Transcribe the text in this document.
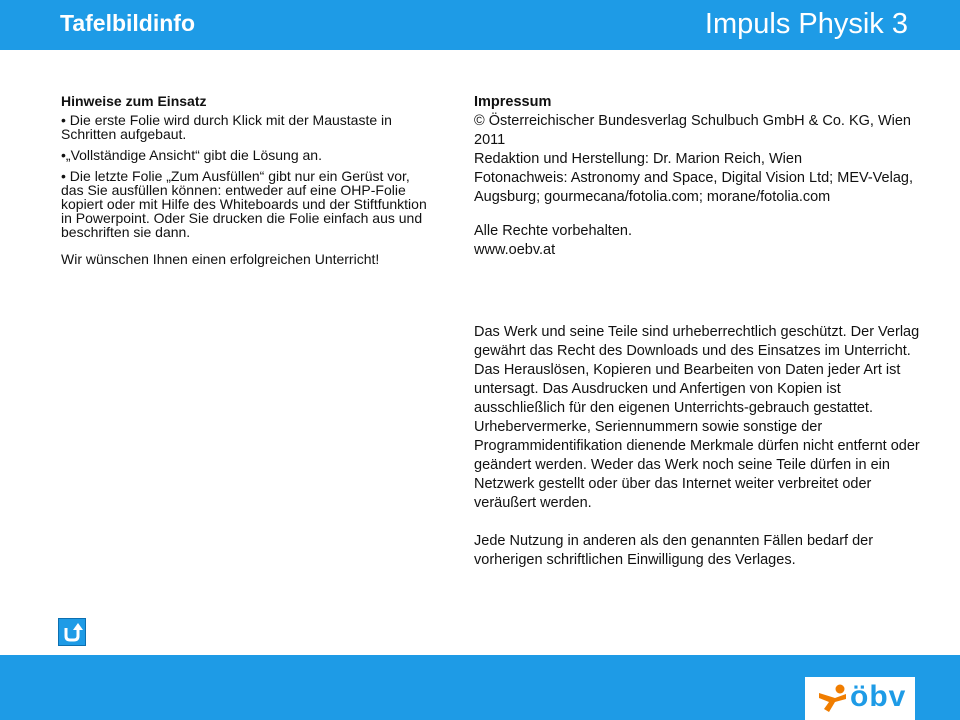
Tafelbildinfo	Impuls Physik 3
Hinweise zum Einsatz
• Die erste Folie wird durch Klick mit der Maustaste in Schritten aufgebaut.
•„Vollständige Ansicht“ gibt die Lösung an.
• Die letzte Folie „Zum Ausfüllen“ gibt nur ein Gerüst vor, das Sie ausfüllen können: entweder auf eine OHP-Folie kopiert oder mit Hilfe des Whiteboards und der Stiftfunktion in Powerpoint. Oder Sie drucken die Folie einfach aus und beschriften sie dann.
Wir wünschen Ihnen einen erfolgreichen Unterricht!

Impressum

© Österreichischer Bundesverlag Schulbuch GmbH & Co. KG, Wien 2011

Redaktion und Herstellung: Dr. Marion Reich, Wien

Fotonachweis: Astronomy and Space, Digital Vision Ltd; MEV-Velag, Augsburg; gourmecana/fotolia.com; morane/fotolia.com

Alle Rechte vorbehalten.

www.oebv.at

Das Werk und seine Teile sind urheberrechtlich geschützt. Der Verlag gewährt das Recht des Downloads und des Einsatzes im Unterricht. Das Herauslösen, Kopieren und Bearbeiten von Daten jeder Art ist untersagt. Das Ausdrucken und Anfertigen von Kopien ist ausschließlich für den eigenen Unterrichts-gebrauch gestattet. Urhebervermerke, Seriennummern sowie sonstige der Programmidentifikation dienende Merkmale dürfen nicht entfernt oder geändert werden. Weder das Werk noch seine Teile dürfen in ein Netzwerk gestellt oder über das Internet weiter verbreitet oder veräußert werden.

Jede Nutzung in anderen als den genannten Fällen bedarf der vorherigen schriftlichen Einwilligung des Verlages.

öbv
